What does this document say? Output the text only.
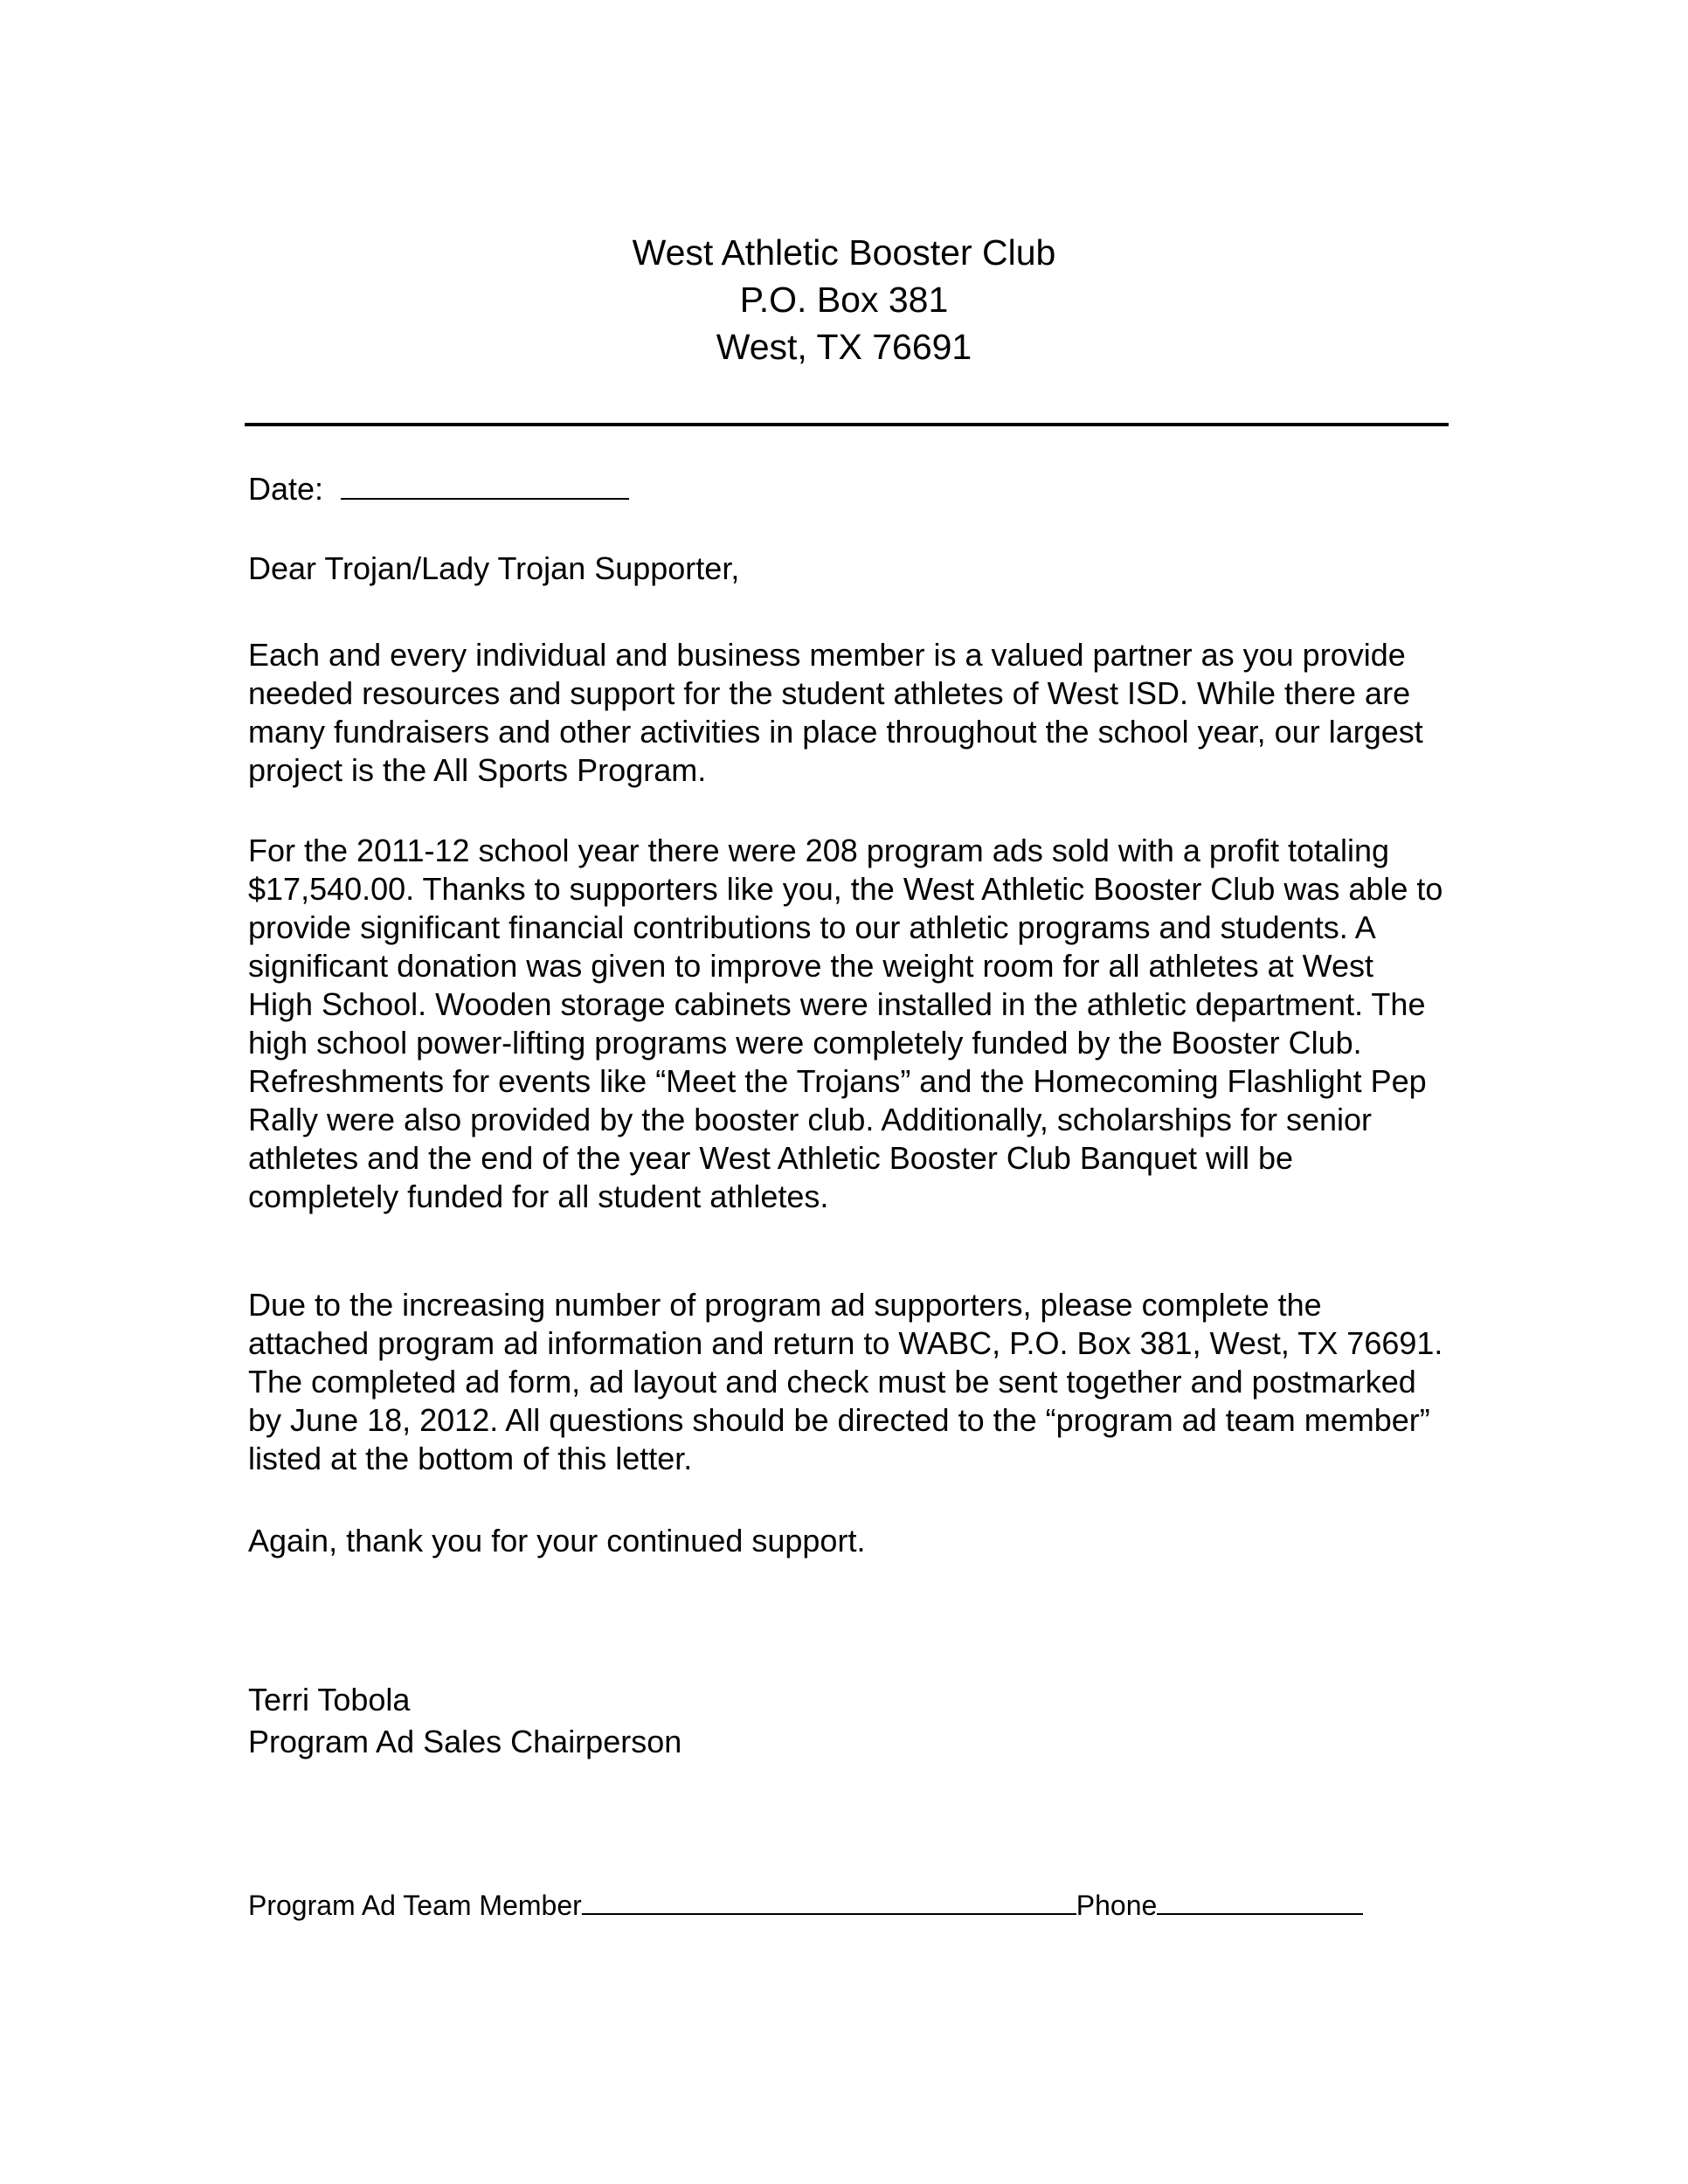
West Athletic Booster Club
P.O. Box 381
West, TX 76691
Date:
Dear Trojan/Lady Trojan Supporter,

Each and every individual and business member is a valued partner as you provide needed resources and support for the student athletes of West ISD. While there are many fundraisers and other activities in place throughout the school year, our largest project is the All Sports Program.

For the 2011-12 school year there were 208 program ads sold with a profit totaling $17,540.00. Thanks to supporters like you, the West Athletic Booster Club was able to provide significant financial contributions to our athletic programs and students. A significant donation was given to improve the weight room for all athletes at West High School. Wooden storage cabinets were installed in the athletic department. The high school power-lifting programs were completely funded by the Booster Club. Refreshments for events like “Meet the Trojans” and the Homecoming Flashlight Pep Rally were also provided by the booster club. Additionally, scholarships for senior athletes and the end of the year West Athletic Booster Club Banquet will be completely funded for all student athletes.

Due to the increasing number of program ad supporters, please complete the attached program ad information and return to WABC, P.O. Box 381, West, TX 76691. The completed ad form, ad layout and check must be sent together and postmarked by June 18, 2012. All questions should be directed to the “program ad team member” listed at the bottom of this letter.

Again, thank you for your continued support.

Terri Tobola
Program Ad Sales Chairperson
Program Ad Team Member	Phone
